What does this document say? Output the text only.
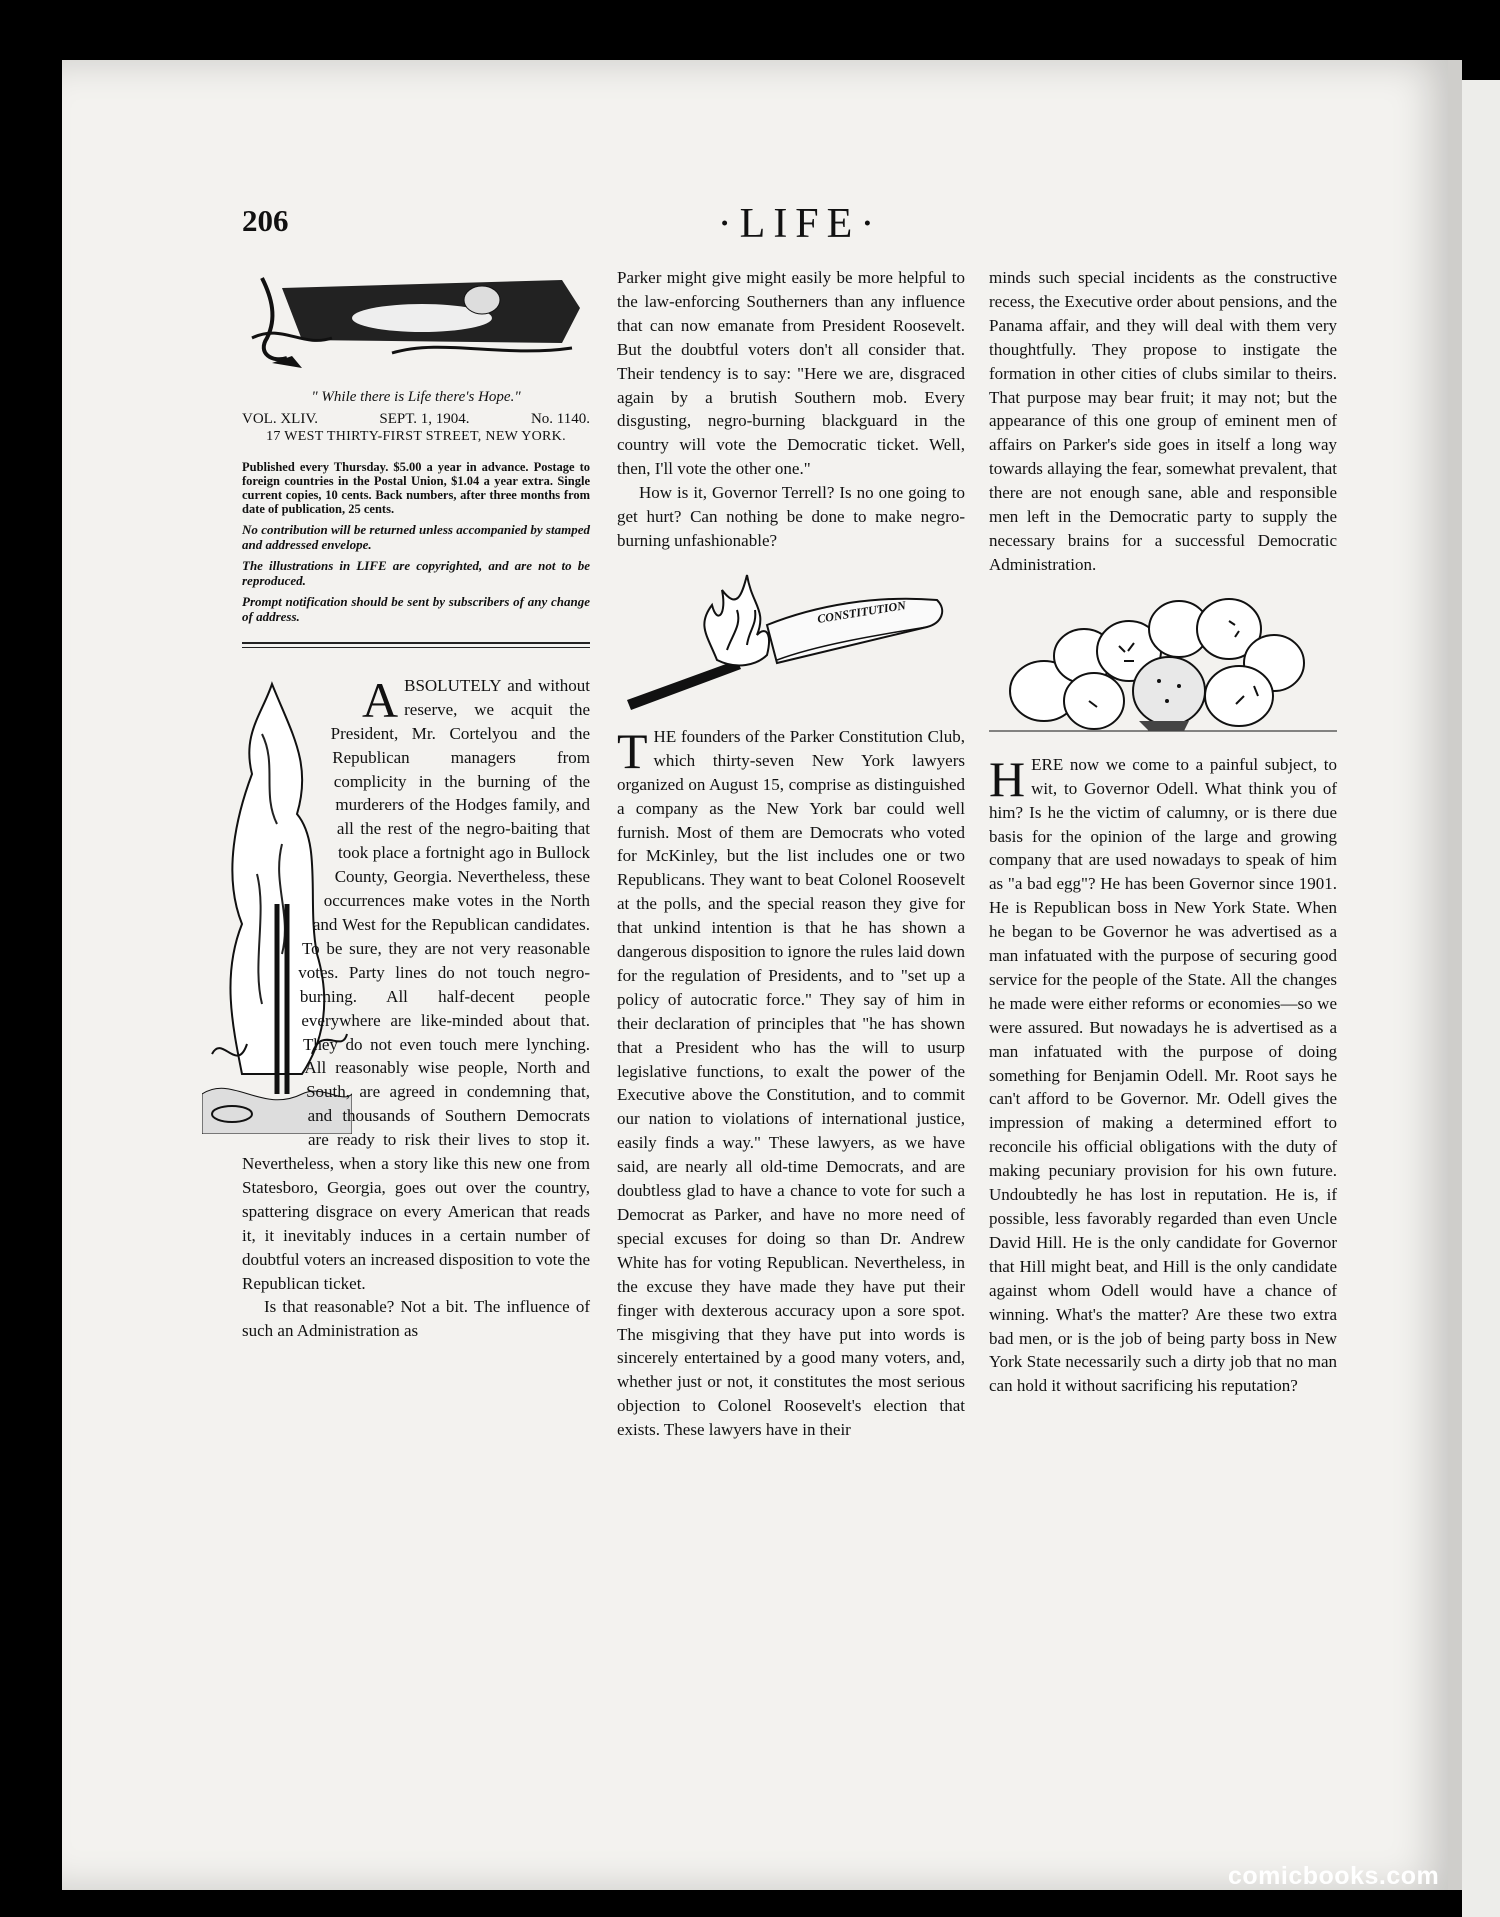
206	·LIFE·
" While there is Life there's Hope."
VOL. XLIV.	SEPT. 1, 1904.	No. 1140.
17 WEST THIRTY-FIRST STREET, NEW YORK.
Published every Thursday. $5.00 a year in advance. Postage to foreign countries in the Postal Union, $1.04 a year extra. Single current copies, 10 cents. Back numbers, after three months from date of publication, 25 cents.
No contribution will be returned unless accompanied by stamped and addressed envelope.
The illustrations in LIFE are copyrighted, and are not to be reproduced.
Prompt notification should be sent by subscribers of any change of address.

ABSOLUTELY and without reserve, we acquit the President, Mr. Cortelyou and the Republican managers from complicity in the burning of the murderers of the Hodges family, and all the rest of the negro-baiting that took place a fortnight ago in Bullock County, Georgia. Nevertheless, these occurrences make votes in the North and West for the Republican candidates. To be sure, they are not very reasonable votes. Party lines do not touch negro-burning. All half-decent people everywhere are like-minded about that. They do not even touch mere lynching. All reasonably wise people, North and South, are agreed in condemning that, and thousands of Southern Democrats are ready to risk their lives to stop it. Nevertheless, when a story like this new one from Statesboro, Georgia, goes out over the country, spattering disgrace on every American that reads it, it inevitably induces in a certain number of doubtful voters an increased disposition to vote the Republican ticket.

Is that reasonable? Not a bit. The influence of such an Administration as

Parker might give might easily be more helpful to the law-enforcing Southerners than any influence that can now emanate from President Roosevelt. But the doubtful voters don't all consider that. Their tendency is to say: "Here we are, disgraced again by a brutish Southern mob. Every disgusting, negro-burning blackguard in the country will vote the Democratic ticket. Well, then, I'll vote the other one."

How is it, Governor Terrell? Is no one going to get hurt? Can nothing be done to make negro-burning unfashionable?

CONSTITUTION

THE founders of the Parker Constitution Club, which thirty-seven New York lawyers organized on August 15, comprise as distinguished a company as the New York bar could well furnish. Most of them are Democrats who voted for McKinley, but the list includes one or two Republicans. They want to beat Colonel Roosevelt at the polls, and the special reason they give for that unkind intention is that he has shown a dangerous disposition to ignore the rules laid down for the regulation of Presidents, and to "set up a policy of autocratic force." They say of him in their declaration of principles that "he has shown that a President who has the will to usurp legislative functions, to exalt the power of the Executive above the Constitution, and to commit our nation to violations of international justice, easily finds a way." These lawyers, as we have said, are nearly all old-time Democrats, and are doubtless glad to have a chance to vote for such a Democrat as Parker, and have no more need of special excuses for doing so than Dr. Andrew White has for voting Republican. Nevertheless, in the excuse they have made they have put their finger with dexterous accuracy upon a sore spot. The misgiving that they have put into words is sincerely entertained by a good many voters, and, whether just or not, it constitutes the most serious objection to Colonel Roosevelt's election that exists. These lawyers have in their

minds such special incidents as the constructive recess, the Executive order about pensions, and the Panama affair, and they will deal with them very thoughtfully. They propose to instigate the formation in other cities of clubs similar to theirs. That purpose may bear fruit; it may not; but the appearance of this one group of eminent men of affairs on Parker's side goes in itself a long way towards allaying the fear, somewhat prevalent, that there are not enough sane, able and responsible men left in the Democratic party to supply the necessary brains for a successful Democratic Administration.

HERE now we come to a painful subject, to wit, to Governor Odell. What think you of him? Is he the victim of calumny, or is there due basis for the opinion of the large and growing company that are used nowadays to speak of him as "a bad egg"? He has been Governor since 1901. He is Republican boss in New York State. When he began to be Governor he was advertised as a man infatuated with the purpose of securing good service for the people of the State. All the changes he made were either reforms or economies—so we were assured. But nowadays he is advertised as a man infatuated with the purpose of doing something for Benjamin Odell. Mr. Root says he can't afford to be Governor. Mr. Odell gives the impression of making a determined effort to reconcile his official obligations with the duty of making pecuniary provision for his own future. Undoubtedly he has lost in reputation. He is, if possible, less favorably regarded than even Uncle David Hill. He is the only candidate for Governor that Hill might beat, and Hill is the only candidate against whom Odell would have a chance of winning. What's the matter? Are these two extra bad men, or is the job of being party boss in New York State necessarily such a dirty job that no man can hold it without sacrificing his reputation?

comicbooks.com
